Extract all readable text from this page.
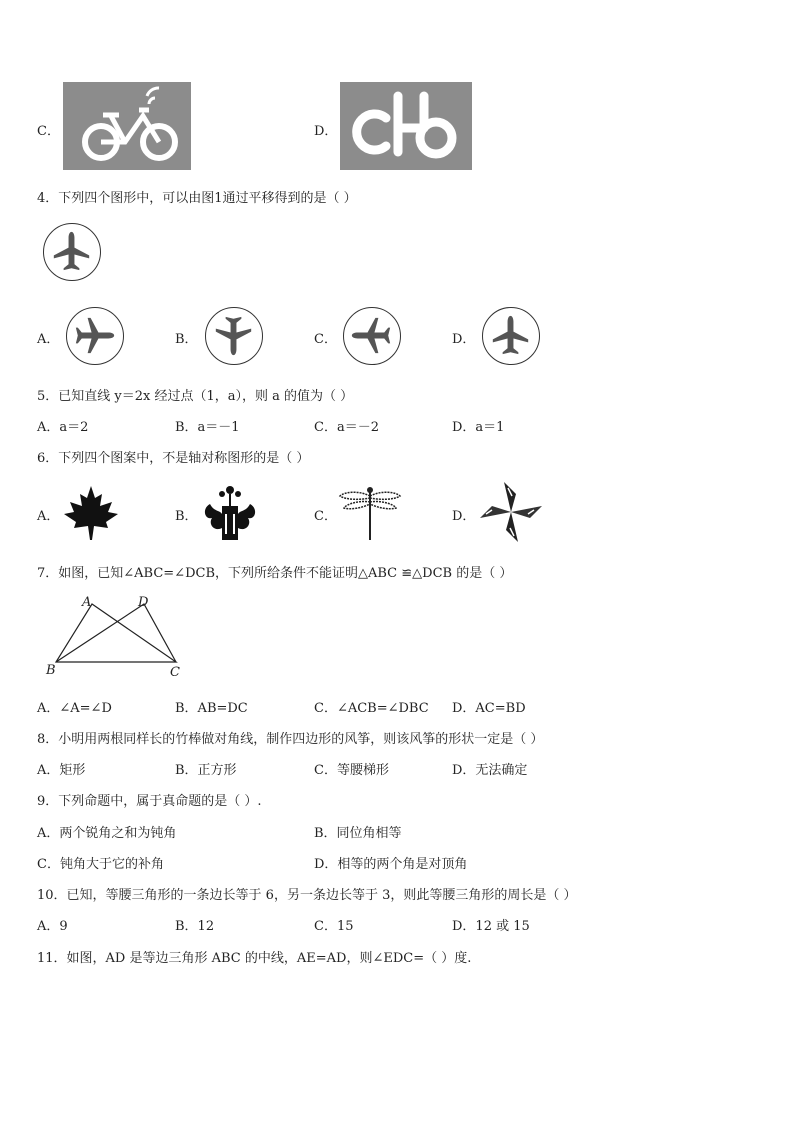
C．	D．
4．下列四个图形中，可以由图1通过平移得到的是（ ）
A．	B．	C．	D．
5．已知直线 y＝2x 经过点（1，a），则 a 的值为（ ）
A．a＝2	B．a＝－1	C．a＝－2	D．a＝1
6．下列四个图案中，不是轴对称图形的是（ ）
A．	B．	C．	D．
7．如图，已知∠ABC=∠DCB，下列所给条件不能证明△ABC ≌△DCB 的是（ ）
A	D
B	C
A．∠A=∠D	B．AB=DC	C．∠ACB=∠DBC D．AC=BD
8．小明用两根同样长的竹棒做对角线，制作四边形的风筝，则该风筝的形状一定是（ ）
A．矩形	B．正方形	C．等腰梯形	D．无法确定
9．下列命题中，属于真命题的是（ ）.
A．两个锐角之和为钝角	B．同位角相等
C．钝角大于它的补角	D．相等的两个角是对顶角
10．已知，等腰三角形的一条边长等于 6，另一条边长等于 3，则此等腰三角形的周长是（ ）
A．9	B．12	C．15	D．12 或 15
11．如图，AD 是等边三角形 ABC 的中线，AE=AD，则∠EDC=（ ）度.
